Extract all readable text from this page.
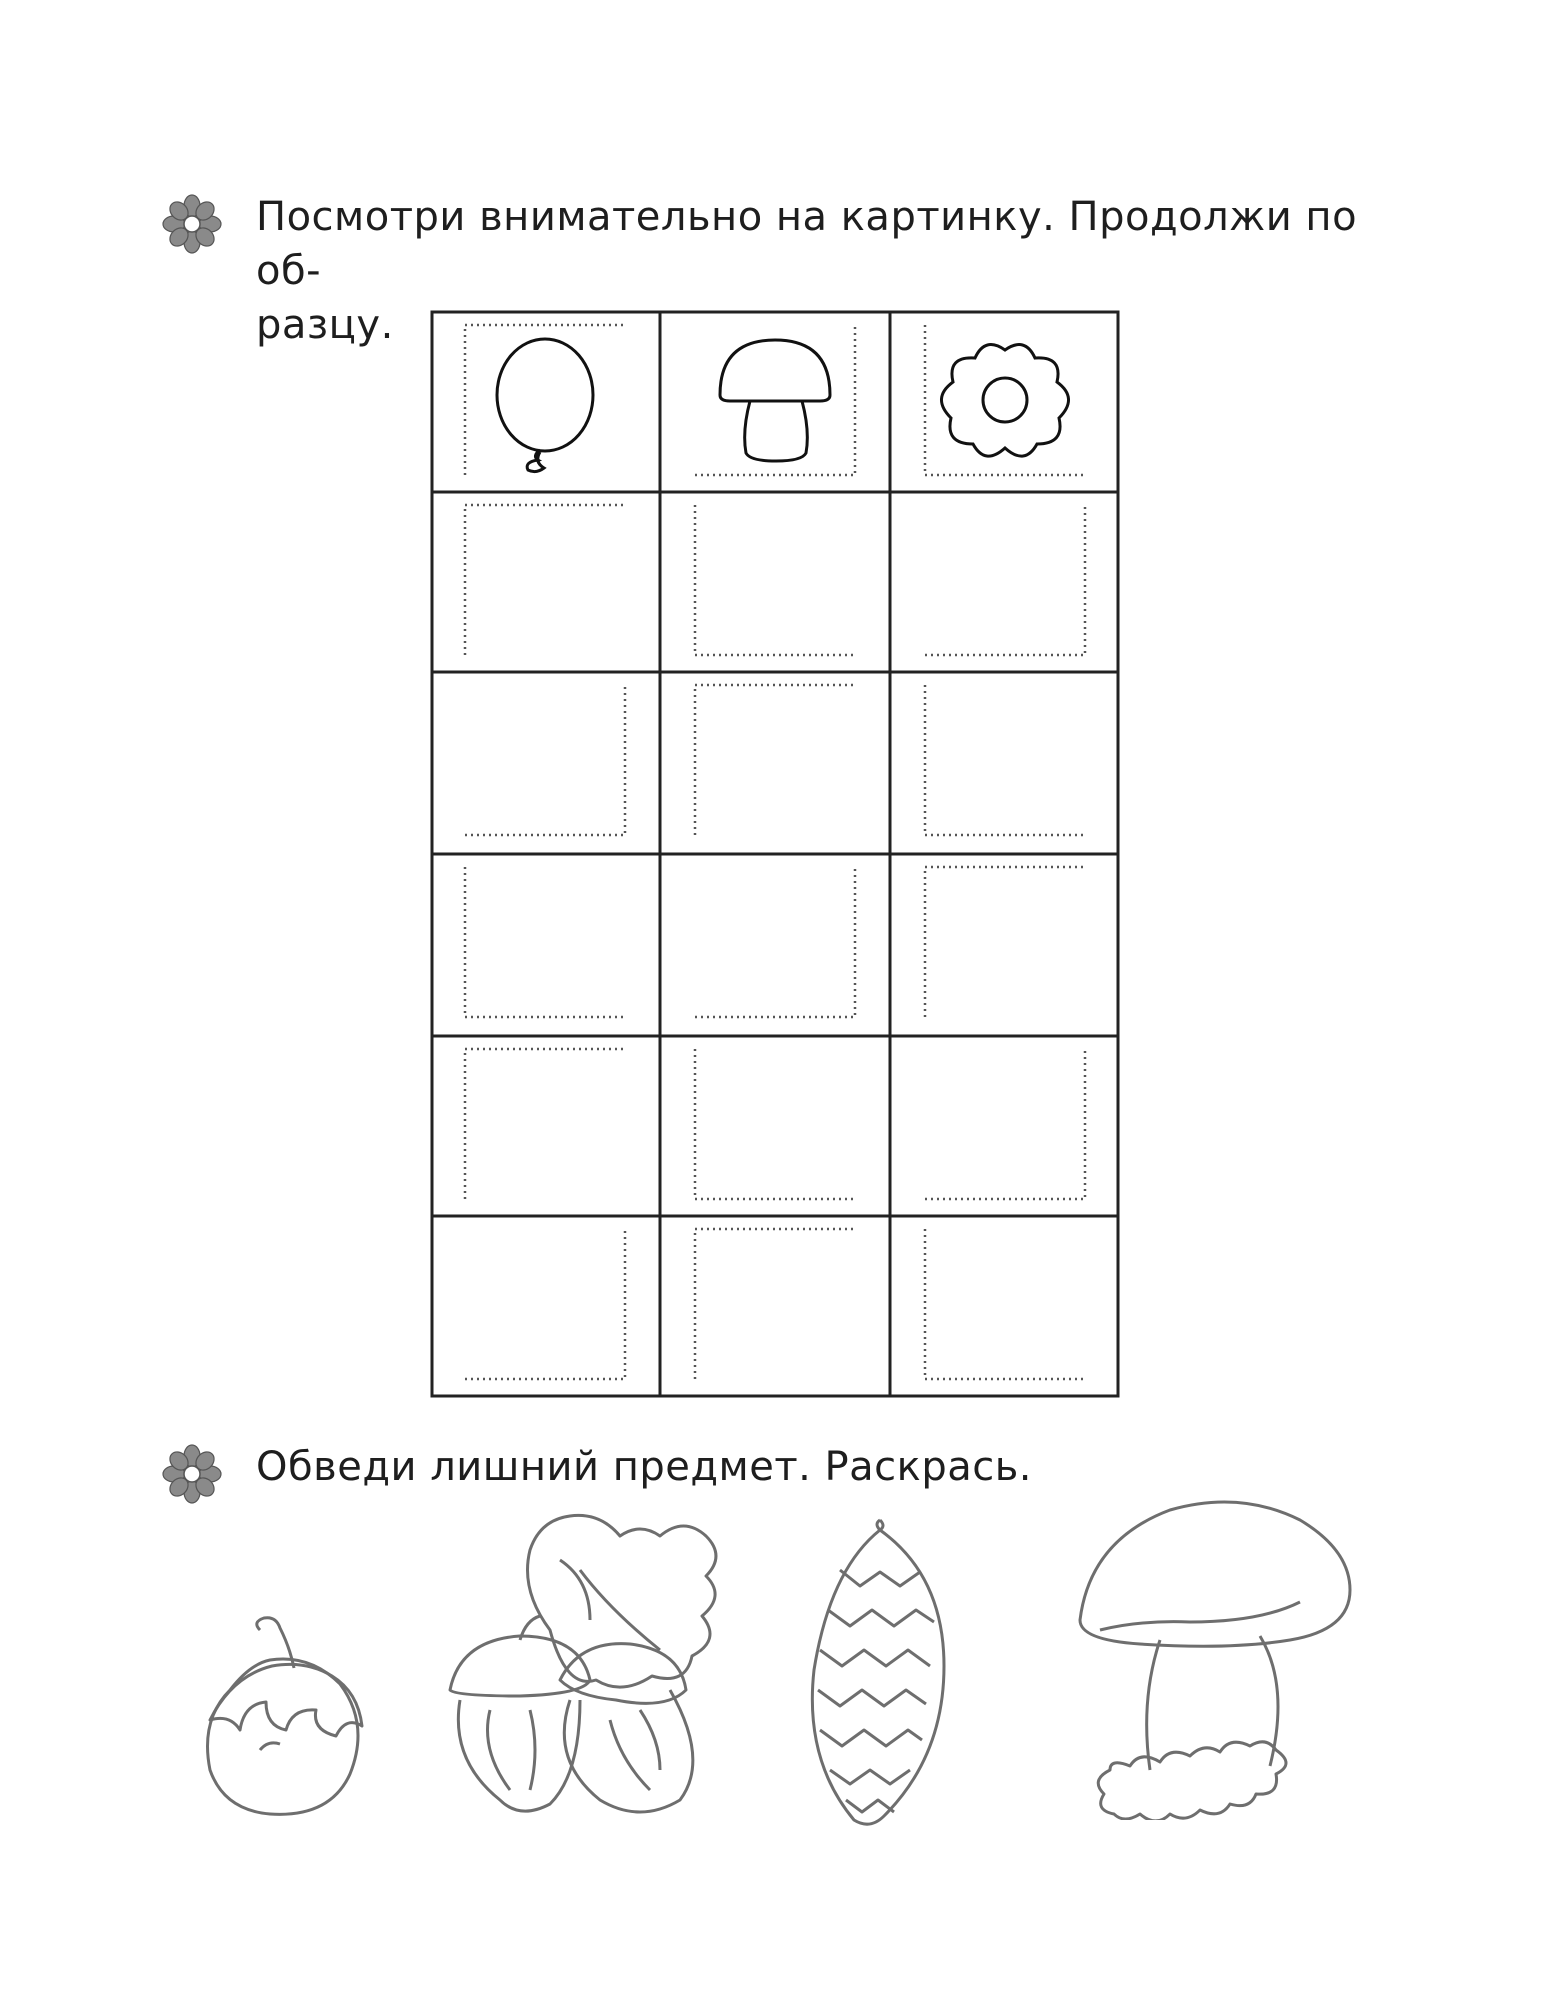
Посмотри внимательно на картинку. Продолжи по об-
разцу.
Обведи лишний предмет. Раскрась.
